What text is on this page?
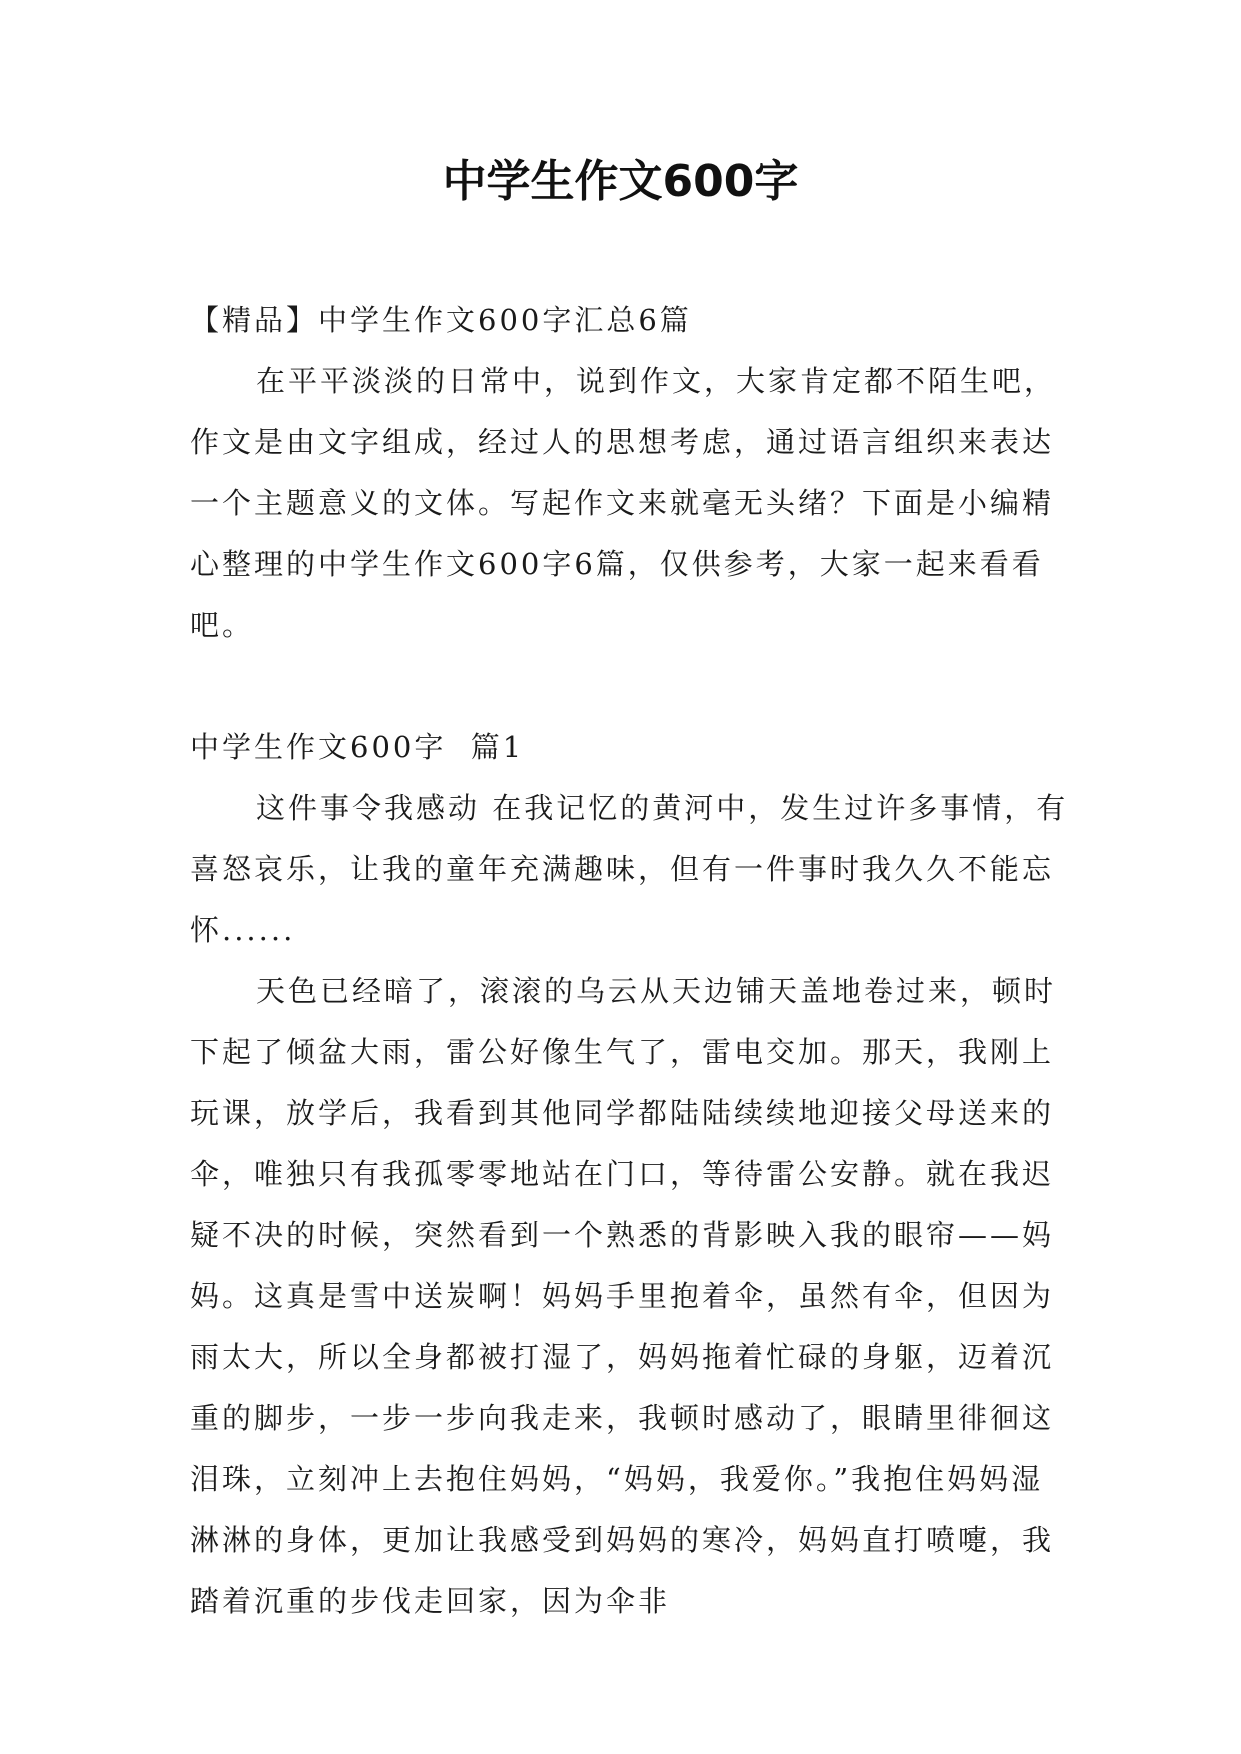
中学生作文600字

【精品】中学生作文600字汇总6篇

在平平淡淡的日常中，说到作文，大家肯定都不陌生吧，作文是由文字组成，经过人的思想考虑，通过语言组织来表达一个主题意义的文体。写起作文来就毫无头绪？下面是小编精心整理的中学生作文600字6篇，仅供参考，大家一起来看看吧。

中学生作文600字  篇1

这件事令我感动 在我记忆的黄河中，发生过许多事情，有喜怒哀乐，让我的童年充满趣味，但有一件事时我久久不能忘怀......

天色已经暗了，滚滚的乌云从天边铺天盖地卷过来，顿时下起了倾盆大雨，雷公好像生气了，雷电交加。那天，我刚上玩课，放学后，我看到其他同学都陆陆续续地迎接父母送来的伞，唯独只有我孤零零地站在门口，等待雷公安静。就在我迟疑不决的时候，突然看到一个熟悉的背影映入我的眼帘——妈妈。这真是雪中送炭啊！妈妈手里抱着伞，虽然有伞，但因为雨太大，所以全身都被打湿了，妈妈拖着忙碌的身躯，迈着沉重的脚步，一步一步向我走来，我顿时感动了，眼睛里徘徊这泪珠，立刻冲上去抱住妈妈，“妈妈，我爱你。”我抱住妈妈湿淋淋的身体，更加让我感受到妈妈的寒冷，妈妈直打喷嚏，我踏着沉重的步伐走回家，因为伞非
